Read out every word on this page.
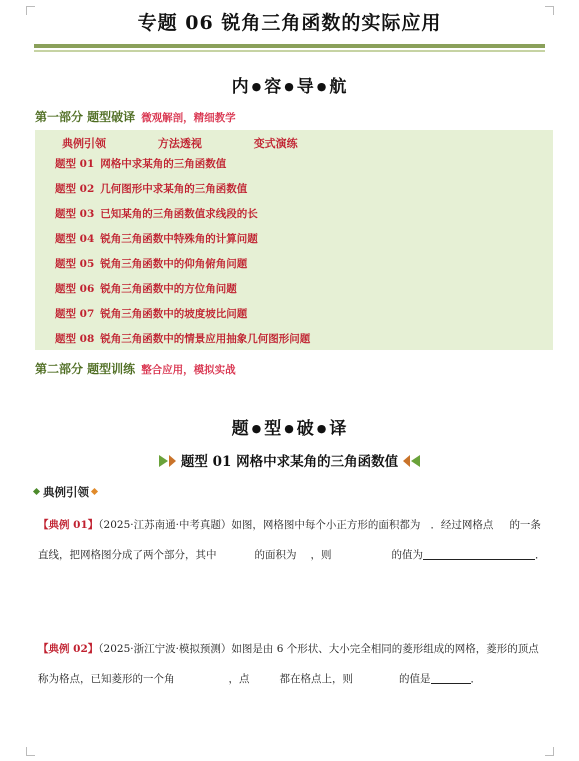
专题 06 锐角三角函数的实际应用
内 ● 容 ● 导 ● 航
第一部分 题型破译 微观解剖，精细教学
典例引领	方法透视	变式演练
题型 01 网格中求某角的三角函数值
题型 02 几何图形中求某角的三角函数值
题型 03 已知某角的三角函数值求线段的长
题型 04 锐角三角函数中特殊角的计算问题
题型 05 锐角三角函数中的仰角俯角问题
题型 06 锐角三角函数中的方位角问题
题型 07 锐角三角函数中的坡度坡比问题
题型 08 锐角三角函数中的情景应用抽象几何图形问题
第二部分 题型训练 整合应用，模拟实战
题 ● 型 ● 破 ● 译
题型 01 网格中求某角的三角函数值
典例引领
【典例 01】（2025·江苏南通·中考真题）如图，网格图中每个小正方形的面积都为 ．经过网格点 的一条
直线，把网格图分成了两个部分，其中	的面积为 ，则	的值为	．
【典例 02】（2025·浙江宁波·模拟预测）如图是由 6 个形状、大小完全相同的菱形组成的网格，菱形的顶点
称为格点，已知菱形的一个角	，点	都在格点上，则	的值是	．
